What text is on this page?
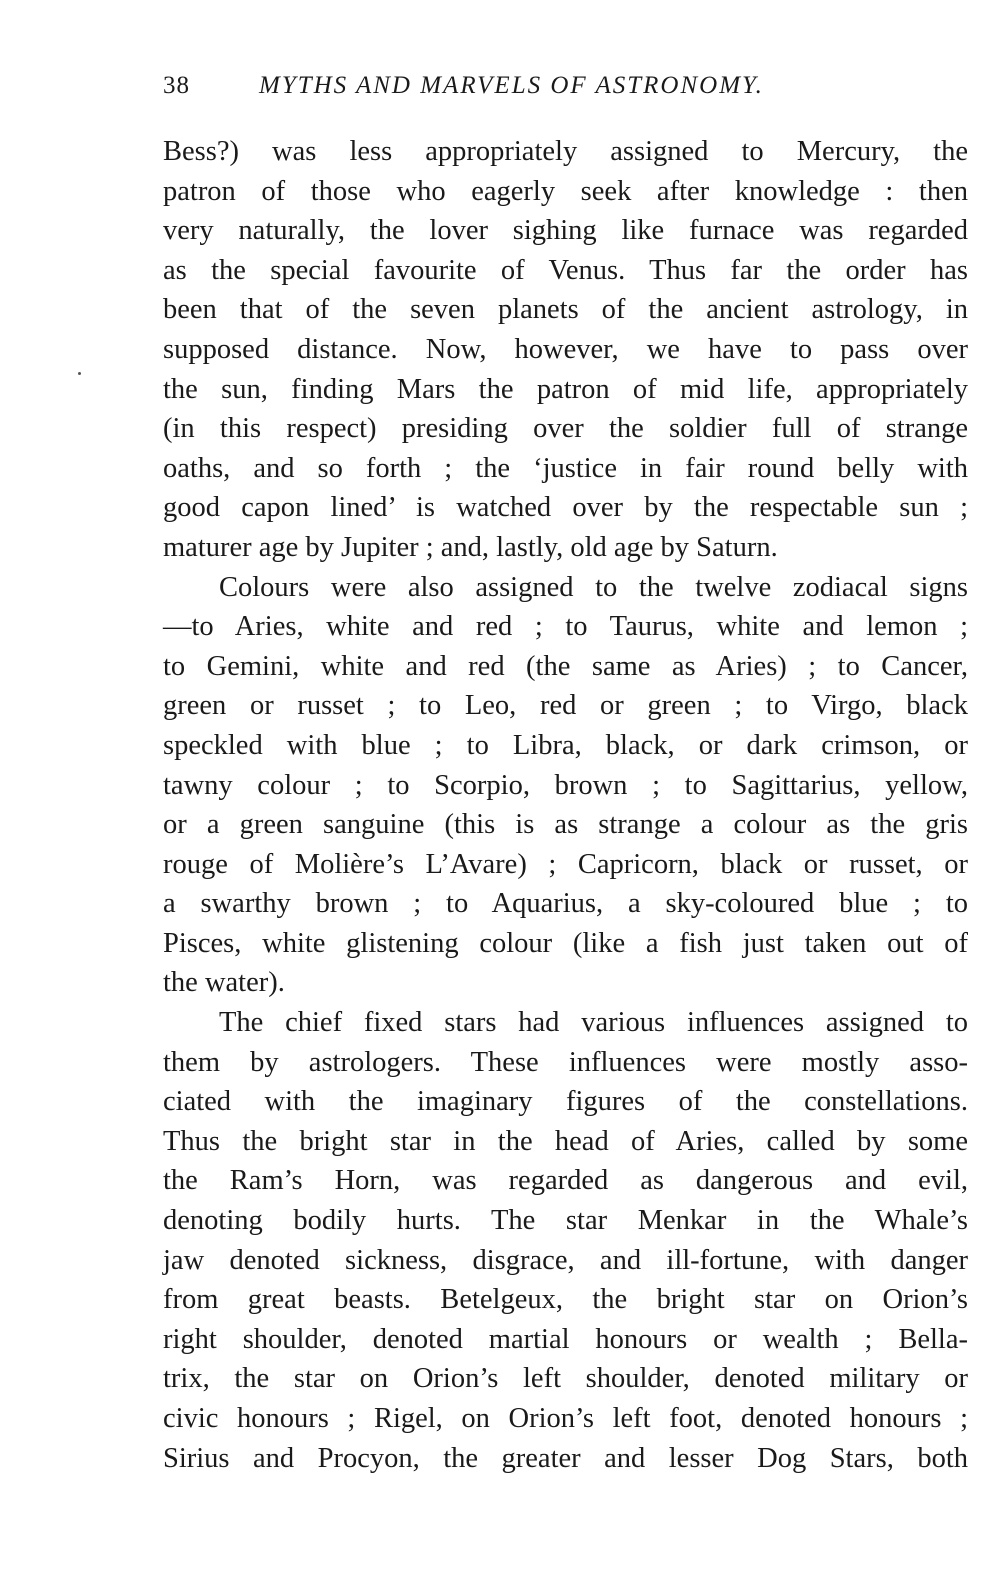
38	MYTHS AND MARVELS OF ASTRONOMY.
Bess?) was less appropriately assigned to Mercury, the
patron of those who eagerly seek after knowledge : then
very naturally, the lover sighing like furnace was regarded
as the special favourite of Venus. Thus far the order has
been that of the seven planets of the ancient astrology, in
supposed distance. Now, however, we have to pass over
the sun, finding Mars the patron of mid life, appropriately
(in this respect) presiding over the soldier full of strange
oaths, and so forth ; the ‘justice in fair round belly with
good capon lined’ is watched over by the respectable sun ;
maturer age by Jupiter ; and, lastly, old age by Saturn.
Colours were also assigned to the twelve zodiacal signs
—to Aries, white and red ; to Taurus, white and lemon ;
to Gemini, white and red (the same as Aries) ; to Cancer,
green or russet ; to Leo, red or green ; to Virgo, black
speckled with blue ; to Libra, black, or dark crimson, or
tawny colour ; to Scorpio, brown ; to Sagittarius, yellow,
or a green sanguine (this is as strange a colour as the gris
rouge of Molière’s L’Avare) ; Capricorn, black or russet, or
a swarthy brown ; to Aquarius, a sky-coloured blue ; to
Pisces, white glistening colour (like a fish just taken out of
the water).
The chief fixed stars had various influences assigned to
them by astrologers. These influences were mostly asso-
ciated with the imaginary figures of the constellations.
Thus the bright star in the head of Aries, called by some
the Ram’s Horn, was regarded as dangerous and evil,
denoting bodily hurts. The star Menkar in the Whale’s
jaw denoted sickness, disgrace, and ill-fortune, with danger
from great beasts. Betelgeux, the bright star on Orion’s
right shoulder, denoted martial honours or wealth ; Bella-
trix, the star on Orion’s left shoulder, denoted military or
civic honours ; Rigel, on Orion’s left foot, denoted honours ;
Sirius and Procyon, the greater and lesser Dog Stars, both
